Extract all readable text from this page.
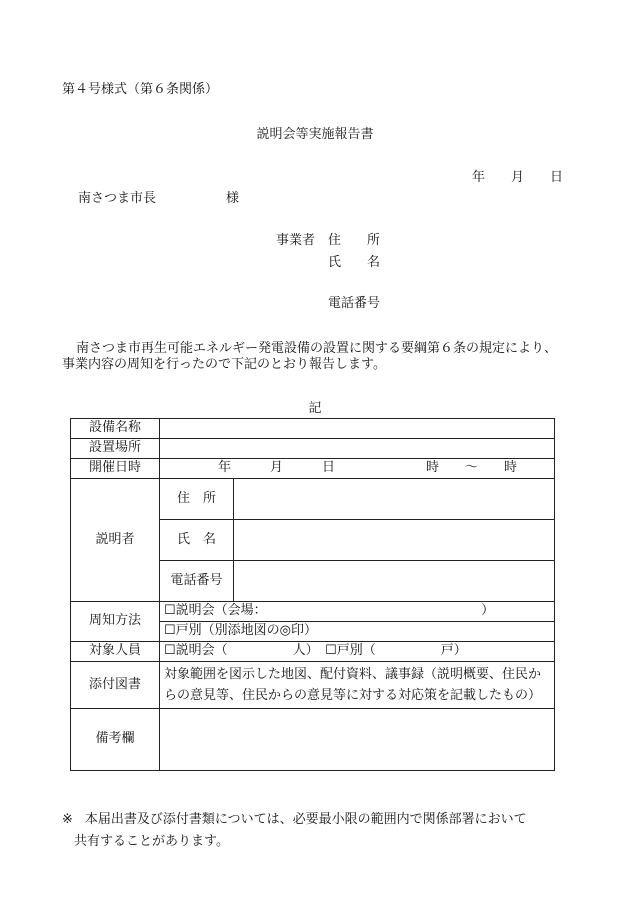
第４号様式（第６条関係）
説明会等実施報告書
年　　月　　日
南さつま市長	様
事業者　 住　　所
氏　　名
電話番号

南さつま市再生可能エネルギー発電設備の設置に関する要綱第６条の規定により、

事業内容の周知を行ったので下記のとおり報告します。

記
設備名称		
設置場所		
開催日時	年　　　月　　　日　　　　　　　時　　〜　　時	
説明者	住　所	
	氏　名	
	電話番号	
周知方法	☐説明会（会場：　　　　　　　　　　　　　　　　　）	
	☐戸別（別添地図の◎印）	
対象人員	☐説明会（　　　　　人）　☐戸別（　　　　　戸）	
添付図書	対象範囲を図示した地図、配付資料、議事録（説明概要、住民からの意見等、住民からの意見等に対する対応策を記載したもの）	
備考欄		
※ 本届出書及び添付書類については、必要最小限の範囲内で関係部署において
共有することがあります。
